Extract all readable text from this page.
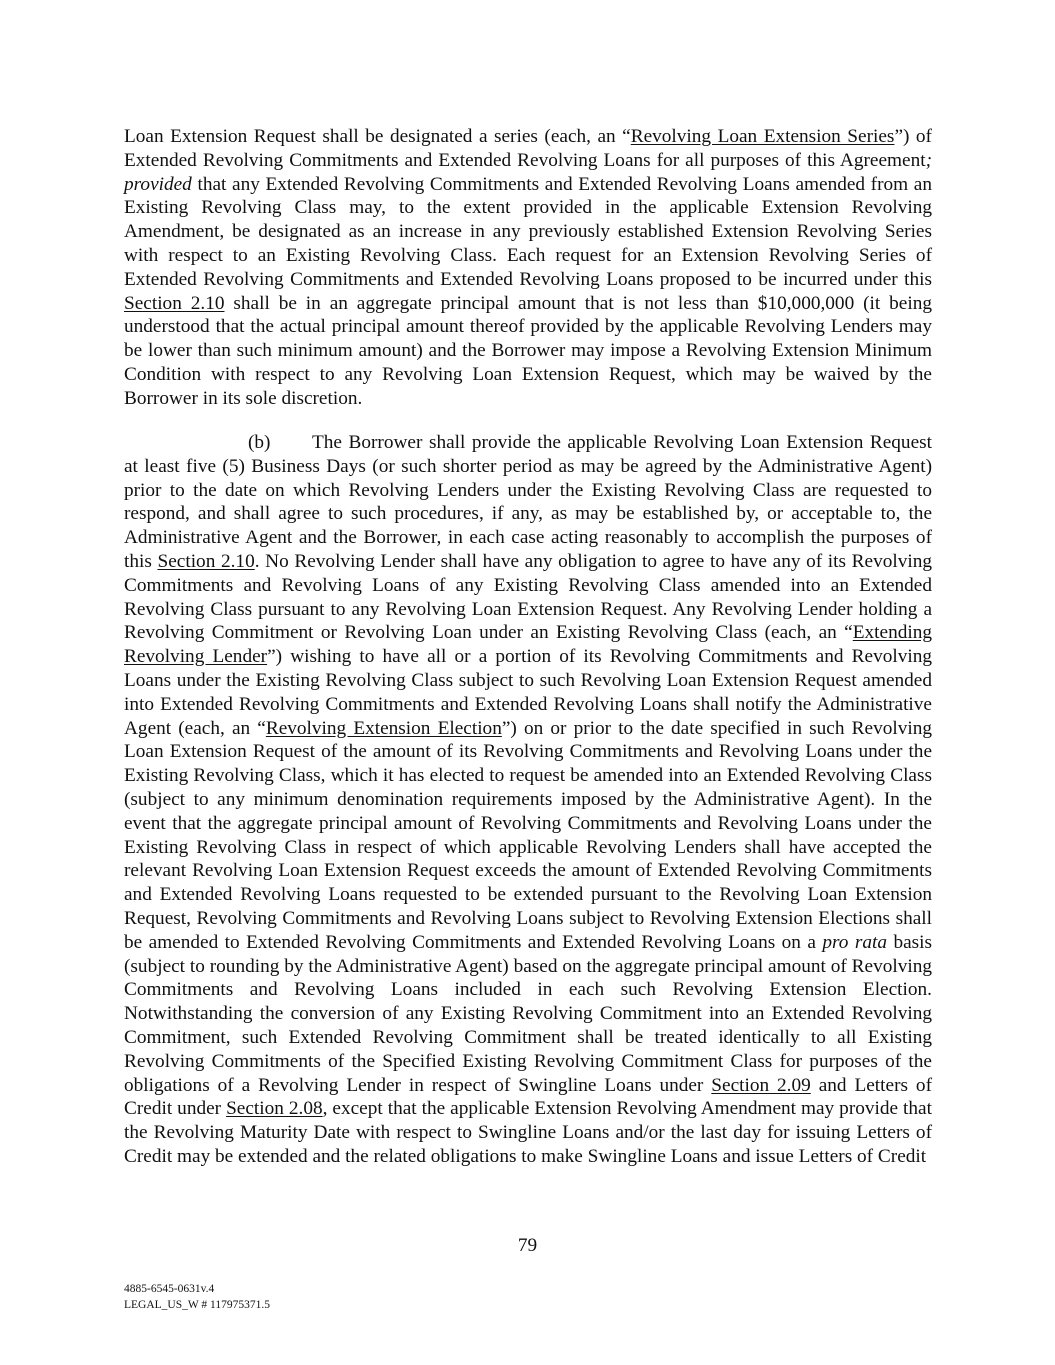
Loan Extension Request shall be designated a series (each, an “Revolving Loan Extension Series”) of Extended Revolving Commitments and Extended Revolving Loans for all purposes of this Agreement; provided that any Extended Revolving Commitments and Extended Revolving Loans amended from an Existing Revolving Class may, to the extent provided in the applicable Extension Revolving Amendment, be designated as an increase in any previously established Extension Revolving Series with respect to an Existing Revolving Class. Each request for an Extension Revolving Series of Extended Revolving Commitments and Extended Revolving Loans proposed to be incurred under this Section 2.10 shall be in an aggregate principal amount that is not less than $10,000,000 (it being understood that the actual principal amount thereof provided by the applicable Revolving Lenders may be lower than such minimum amount) and the Borrower may impose a Revolving Extension Minimum Condition with respect to any Revolving Loan Extension Request, which may be waived by the Borrower in its sole discretion.

(b) The Borrower shall provide the applicable Revolving Loan Extension Request at least five (5) Business Days (or such shorter period as may be agreed by the Administrative Agent) prior to the date on which Revolving Lenders under the Existing Revolving Class are requested to respond, and shall agree to such procedures, if any, as may be established by, or acceptable to, the Administrative Agent and the Borrower, in each case acting reasonably to accomplish the purposes of this Section 2.10. No Revolving Lender shall have any obligation to agree to have any of its Revolving Commitments and Revolving Loans of any Existing Revolving Class amended into an Extended Revolving Class pursuant to any Revolving Loan Extension Request. Any Revolving Lender holding a Revolving Commitment or Revolving Loan under an Existing Revolving Class (each, an “Extending Revolving Lender”) wishing to have all or a portion of its Revolving Commitments and Revolving Loans under the Existing Revolving Class subject to such Revolving Loan Extension Request amended into Extended Revolving Commitments and Extended Revolving Loans shall notify the Administrative Agent (each, an “Revolving Extension Election”) on or prior to the date specified in such Revolving Loan Extension Request of the amount of its Revolving Commitments and Revolving Loans under the Existing Revolving Class, which it has elected to request be amended into an Extended Revolving Class (subject to any minimum denomination requirements imposed by the Administrative Agent). In the event that the aggregate principal amount of Revolving Commitments and Revolving Loans under the Existing Revolving Class in respect of which applicable Revolving Lenders shall have accepted the relevant Revolving Loan Extension Request exceeds the amount of Extended Revolving Commitments and Extended Revolving Loans requested to be extended pursuant to the Revolving Loan Extension Request, Revolving Commitments and Revolving Loans subject to Revolving Extension Elections shall be amended to Extended Revolving Commitments and Extended Revolving Loans on a pro rata basis (subject to rounding by the Administrative Agent) based on the aggregate principal amount of Revolving Commitments and Revolving Loans included in each such Revolving Extension Election. Notwithstanding the conversion of any Existing Revolving Commitment into an Extended Revolving Commitment, such Extended Revolving Commitment shall be treated identically to all Existing Revolving Commitments of the Specified Existing Revolving Commitment Class for purposes of the obligations of a Revolving Lender in respect of Swingline Loans under Section 2.09 and Letters of Credit under Section 2.08, except that the applicable Extension Revolving Amendment may provide that the Revolving Maturity Date with respect to Swingline Loans and/or the last day for issuing Letters of Credit may be extended and the related obligations to make Swingline Loans and issue Letters of Credit

79
4885-6545-0631v.4
LEGAL_US_W # 117975371.5
